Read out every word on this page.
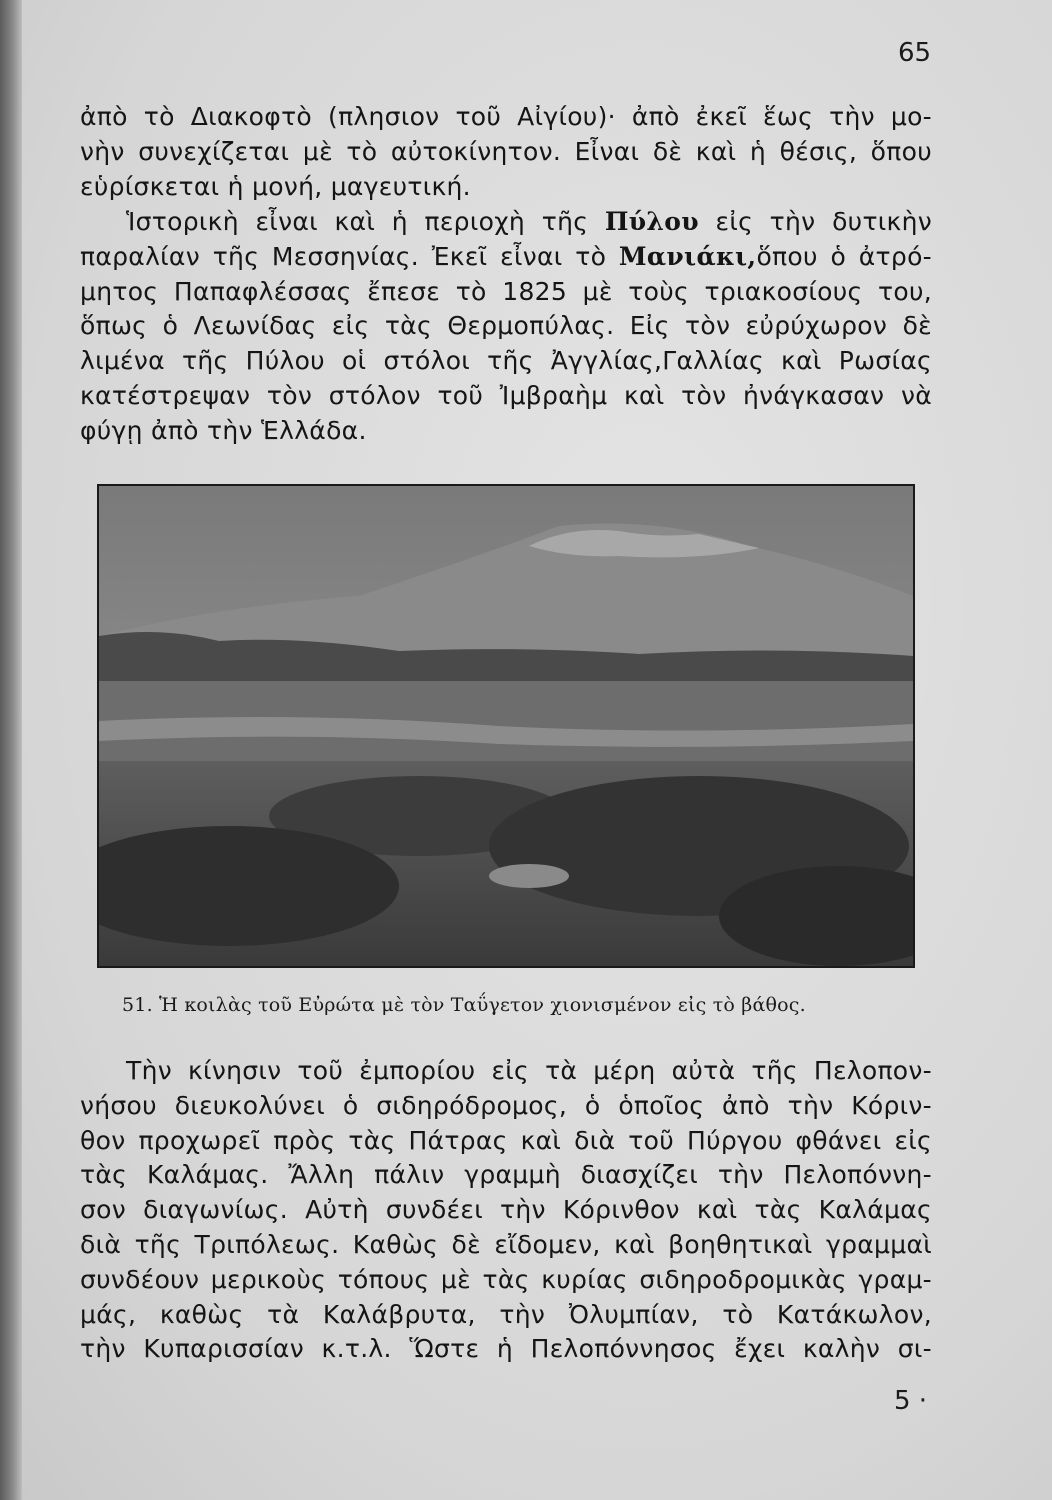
65
ἀπὸ τὸ Διακοφτὸ (πλησιον τοῦ Αἰγίου)· ἀπὸ ἐκεῖ ἕως τὴν μο-
νὴν συνεχίζεται μὲ τὸ αὐτοκίνητον. Εἶναι δὲ καὶ ἡ θέσις, ὅπου
εὑρίσκεται ἡ μονή, μαγευτική.
Ἱστορικὴ εἶναι καὶ ἡ περιοχὴ τῆς Πύλου εἰς τὴν δυτικὴν
παραλίαν τῆς Μεσσηνίας. Ἐκεῖ εἶναι τὸ Μανιάκι,ὅπου ὁ ἀτρό-
μητος Παπαφλέσσας ἔπεσε τὸ 1825 μὲ τοὺς τριακοσίους του,
ὅπως ὁ Λεωνίδας εἰς τὰς Θερμοπύλας. Εἰς τὸν εὐρύχωρον δὲ
λιμένα τῆς Πύλου οἱ στόλοι τῆς Ἀγγλίας,Γαλλίας καὶ Ρωσίας
κατέστρεψαν τὸν στόλον τοῦ Ἰμβραὴμ καὶ τὸν ἠνάγκασαν νὰ
φύγῃ ἀπὸ τὴν Ἑλλάδα.
51. Ἡ κοιλὰς τοῦ Εὐρώτα μὲ τὸν Ταΰγετον χιονισμένον εἰς τὸ βάθος.
Τὴν κίνησιν τοῦ ἐμπορίου εἰς τὰ μέρη αὐτὰ τῆς Πελοπον-
νήσου διευκολύνει ὁ σιδηρόδρομος, ὁ ὁποῖος ἀπὸ τὴν Κόριν-
θον προχωρεῖ πρὸς τὰς Πάτρας καὶ διὰ τοῦ Πύργου φθάνει εἰς
τὰς Καλάμας. Ἄλλη πάλιν γραμμὴ διασχίζει τὴν Πελοπόννη-
σον διαγωνίως. Αὐτὴ συνδέει τὴν Κόρινθον καὶ τὰς Καλάμας
διὰ τῆς Τριπόλεως. Καθὼς δὲ εἴδομεν, καὶ βοηθητικαὶ γραμμαὶ
συνδέουν μερικοὺς τόπους μὲ τὰς κυρίας σιδηροδρομικὰς γραμ-
μάς, καθὼς τὰ Καλάβρυτα, τὴν Ὀλυμπίαν, τὸ Κατάκωλον,
τὴν Κυπαρισσίαν κ.τ.λ. Ὥστε ἡ Πελοπόννησος ἔχει καλὴν σι-
5 ·
